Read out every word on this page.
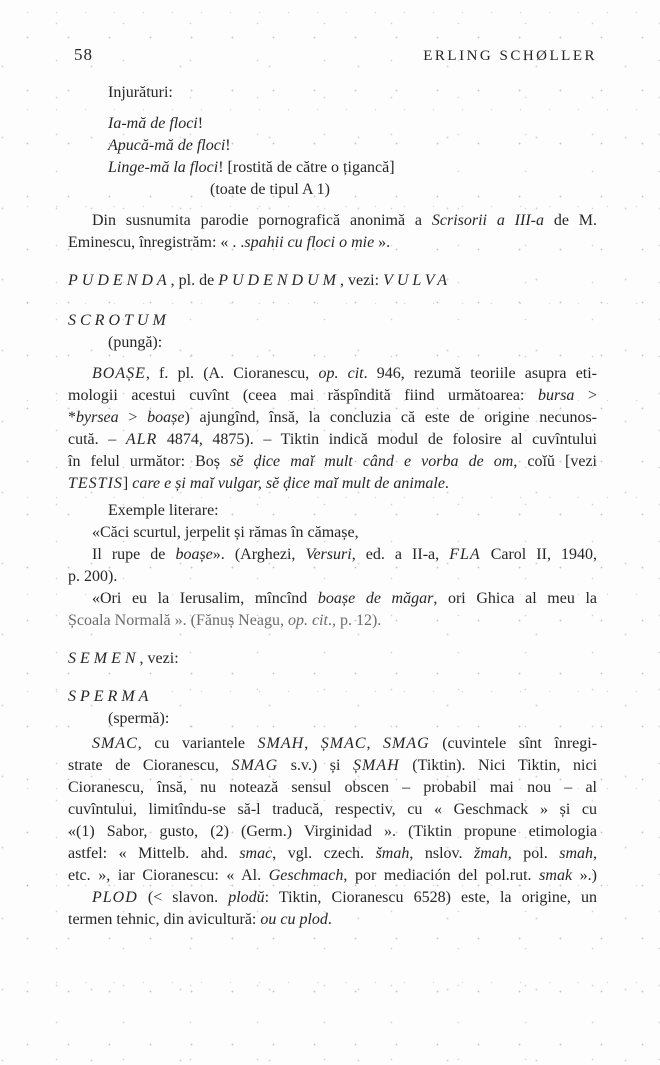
58	ERLING SCHØLLER
Injurături:
Ia-mă de floci!
Apucă-mă de floci!
Linge-mă la floci! [rostită de către o țigancă]
(toate de tipul A 1)
Din susnumita parodie pornografică anonimă a Scrisorii a III-a de M.
Eminescu, înregistrăm: « . .spahii cu floci o mie ».
PUDENDA, pl. de PUDENDUM, vezi: VULVA
SCROTUM
(pungă):
BOAȘE, f. pl. (A. Cioranescu, op. cit. 946, rezumă teoriile asupra eti-
mologii acestui cuvînt (ceea mai răspîndită fiind următoarea: bursa >
*byrsea > boașe) ajungînd, însă, la concluzia că este de origine necunos-
cută. – ALR 4874, 4875). – Tiktin indică modul de folosire al cuvîntului
în felul următor: Boș sĕ ḑice maĭ mult când e vorba de om, coĭŭ [vezi
TESTIS] care e și maĭ vulgar, sĕ ḑice maĭ mult de animale.
Exemple literare:
«Căci scurtul, jerpelit și rămas în cămașe,
Il rupe de boașe». (Arghezi, Versuri, ed. a II-a, FLA Carol II, 1940,
p. 200).
«Ori eu la Ierusalim, mîncînd boașe de măgar, ori Ghica al meu la
Școala Normală ». (Fănuș Neagu, op. cit., p. 12).
SEMEN, vezi:
SPERMA
(spermă):
SMAC, cu variantele SMAH, ȘMAC, SMAG (cuvintele sînt înregi-
strate de Cioranescu, SMAG s.v.) și ȘMAH (Tiktin). Nici Tiktin, nici
Cioranescu, însă, nu notează sensul obscen – probabil mai nou – al
cuvîntului, limitîndu-se să-l traducă, respectiv, cu « Geschmack » și cu
«(1) Sabor, gusto, (2) (Germ.) Virginidad ». (Tiktin propune etimologia
astfel: « Mittelb. ahd. smac, vgl. czech. šmah, nslov. žmah, pol. smah,
etc. », iar Cioranescu: « Al. Geschmach, por mediación del pol.rut. smak ».)
PLOD (< slavon. plodŭ: Tiktin, Cioranescu 6528) este, la origine, un
termen tehnic, din avicultură: ou cu plod.
